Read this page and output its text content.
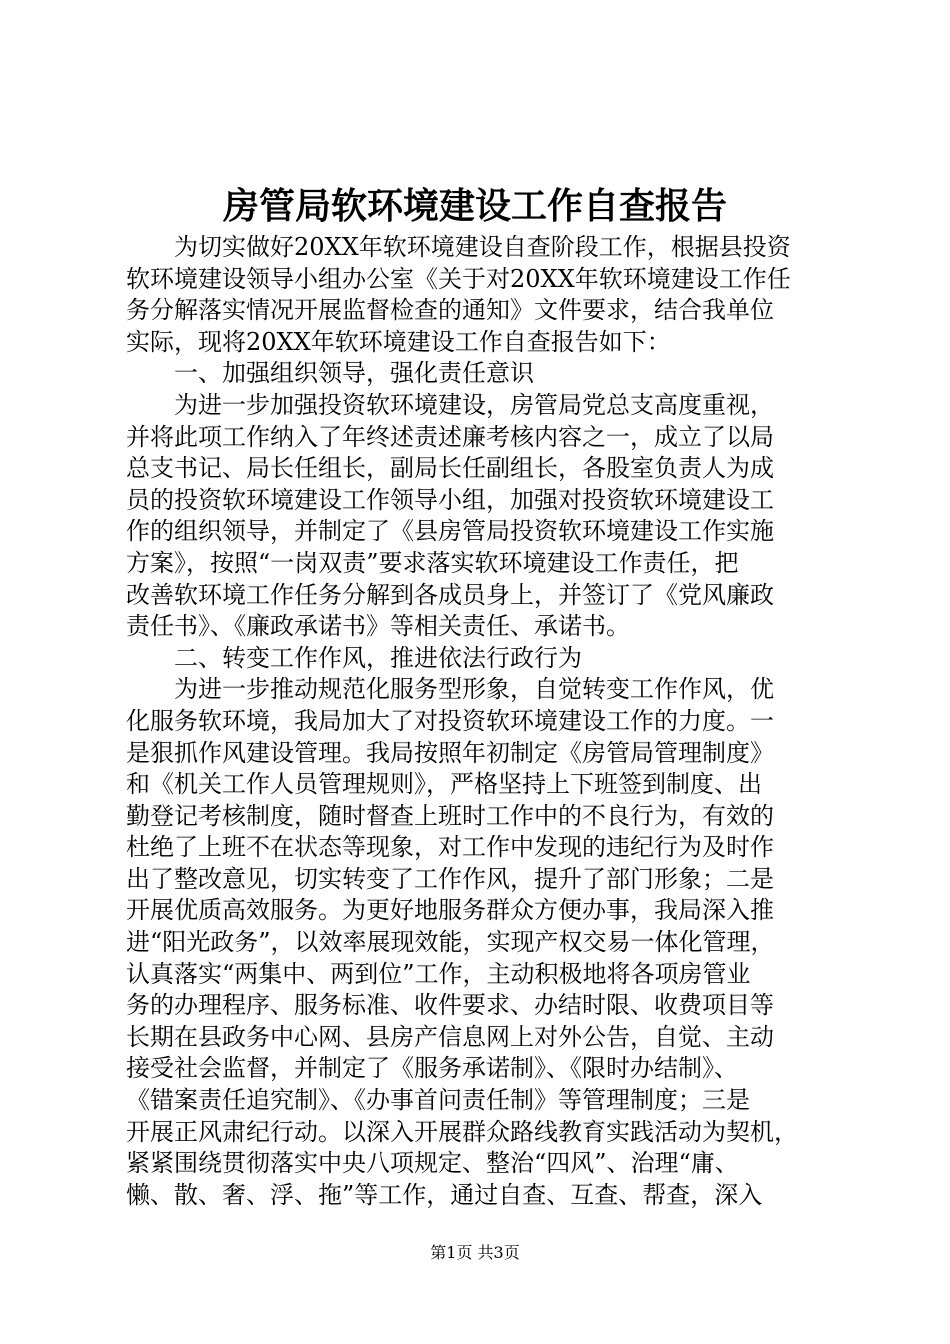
房管局软环境建设工作自查报告
为切实做好20XX年软环境建设自查阶段工作，根据县投资
软环境建设领导小组办公室《关于对20XX年软环境建设工作任
务分解落实情况开展监督检查的通知》文件要求，结合我单位
实际，现将20XX年软环境建设工作自查报告如下：
一、加强组织领导，强化责任意识
为进一步加强投资软环境建设，房管局党总支高度重视，
并将此项工作纳入了年终述责述廉考核内容之一，成立了以局
总支书记、局长任组长，副局长任副组长，各股室负责人为成
员的投资软环境建设工作领导小组，加强对投资软环境建设工
作的组织领导，并制定了《县房管局投资软环境建设工作实施
方案》，按照“一岗双责”要求落实软环境建设工作责任，把
改善软环境工作任务分解到各成员身上，并签订了《党风廉政
责任书》、《廉政承诺书》等相关责任、承诺书。
二、转变工作作风，推进依法行政行为
为进一步推动规范化服务型形象，自觉转变工作作风，优
化服务软环境，我局加大了对投资软环境建设工作的力度。一
是狠抓作风建设管理。我局按照年初制定《房管局管理制度》
和《机关工作人员管理规则》，严格坚持上下班签到制度、出
勤登记考核制度，随时督查上班时工作中的不良行为，有效的
杜绝了上班不在状态等现象，对工作中发现的违纪行为及时作
出了整改意见，切实转变了工作作风，提升了部门形象；二是
开展优质高效服务。为更好地服务群众方便办事，我局深入推
进“阳光政务”，以效率展现效能，实现产权交易一体化管理，
认真落实“两集中、两到位”工作，主动积极地将各项房管业
务的办理程序、服务标准、收件要求、办结时限、收费项目等
长期在县政务中心网、县房产信息网上对外公告，自觉、主动
接受社会监督，并制定了《服务承诺制》、《限时办结制》、
《错案责任追究制》、《办事首问责任制》等管理制度；三是
开展正风肃纪行动。以深入开展群众路线教育实践活动为契机，
紧紧围绕贯彻落实中央八项规定、整治“四风”、治理“庸、
懒、散、奢、浮、拖”等工作，通过自查、互查、帮查，深入
第1页 共3页
